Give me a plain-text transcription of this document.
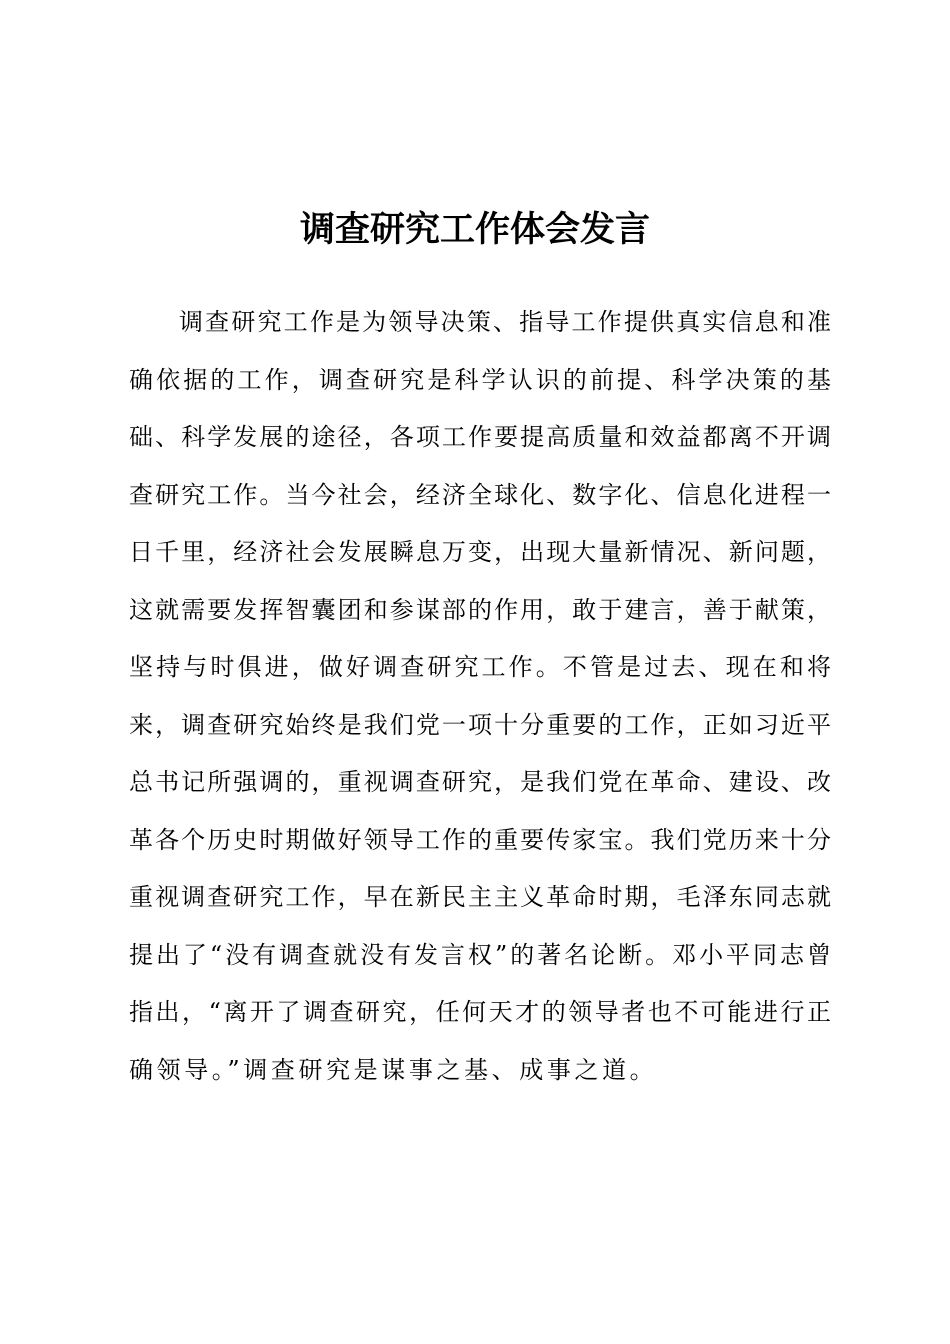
调查研究工作体会发言
调查研究工作是为领导决策、指导工作提供真实信息和准
确依据的工作，调查研究是科学认识的前提、科学决策的基
础、科学发展的途径，各项工作要提高质量和效益都离不开调
查研究工作。当今社会，经济全球化、数字化、信息化进程一
日千里，经济社会发展瞬息万变，出现大量新情况、新问题，
这就需要发挥智囊团和参谋部的作用，敢于建言，善于献策，
坚持与时俱进，做好调查研究工作。不管是过去、现在和将
来，调查研究始终是我们党一项十分重要的工作，正如习近平
总书记所强调的，重视调查研究，是我们党在革命、建设、改
革各个历史时期做好领导工作的重要传家宝。我们党历来十分
重视调查研究工作，早在新民主主义革命时期，毛泽东同志就
提出了“没有调查就没有发言权”的著名论断。邓小平同志曾
指出，“离开了调查研究，任何天才的领导者也不可能进行正
确领导。”调查研究是谋事之基、成事之道。
